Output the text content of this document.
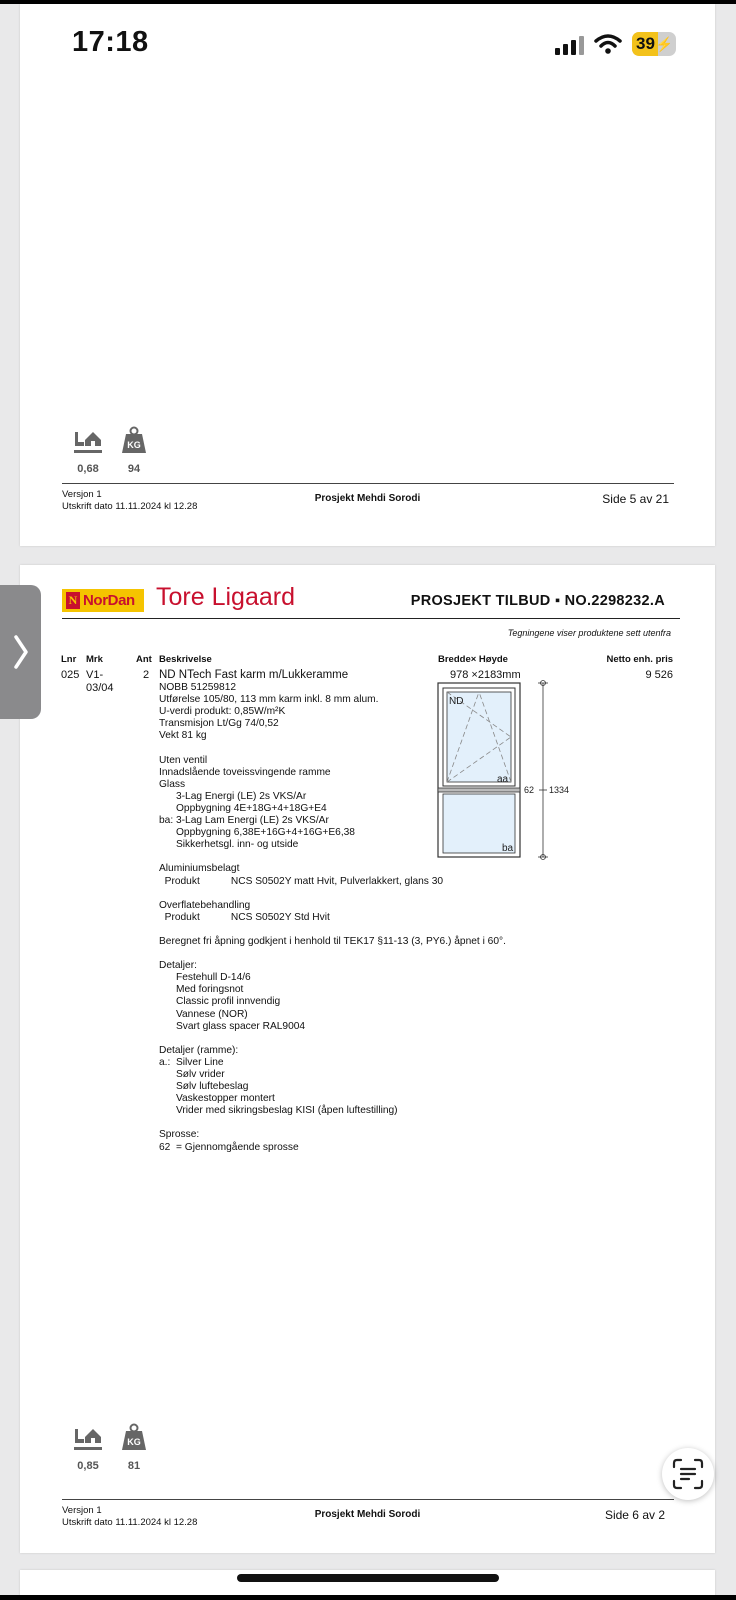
0,68
KG
94
Versjon 1
Utskrift dato 11.11.2024 kl 12.28
Prosjekt Mehdi Sorodi	Side 5 av 21
17:18	39 ⚡
N NorDan Tore Ligaard	PROSJEKT TILBUD ▪ NO.2298232.A
Tegningene viser produktene sett utenfra
Lnr Mrk	Ant Beskrivelse	Bredde× Høyde	Netto enh. pris
025 V1-
03/04
2 ND NTech Fast karm m/Lukkeramme	978 ×2183mm	9 526
NOBB 51259812
Utførelse 105/80, 113 mm karm inkl. 8 mm alum.
U-verdi produkt: 0,85W/m²K
Transmisjon Lt/Gg 74/0,52
Vekt 81 kg
Uten ventil
Innadslående toveissvingende ramme
Glass
3-Lag Energi (LE) 2s VKS/Ar
Oppbygning 4E+18G+4+18G+E4
ba: 3-Lag Lam Energi (LE) 2s VKS/Ar
Oppbygning 6,38E+16G+4+16G+E6,38
Sikkerhetsgl. inn- og utside
Aluminiumsbelagt
Produkt           NCS S0502Y matt Hvit, Pulverlakkert, glans 30
Overflatebehandling
Produkt           NCS S0502Y Std Hvit
Beregnet fri åpning godkjent i henhold til TEK17 §11-13 (3, PY6.) åpnet i 60°.
Detaljer:
Festehull D-14/6
Med foringsnot
Classic profil innvendig
Vannese (NOR)
Svart glass spacer RAL9004
Detaljer (ramme):
a.:  Silver Line
Sølv vrider
Sølv luftebeslag
Vaskestopper montert
Vrider med sikringsbeslag KISI (åpen luftestilling)
Sprosse:
62  = Gjennomgående sprosse
ND
aa
ba
62 1334
0,85
KG
81
Versjon 1
Utskrift dato 11.11.2024 kl 12.28
Prosjekt Mehdi Sorodi	Side 6 av 2
